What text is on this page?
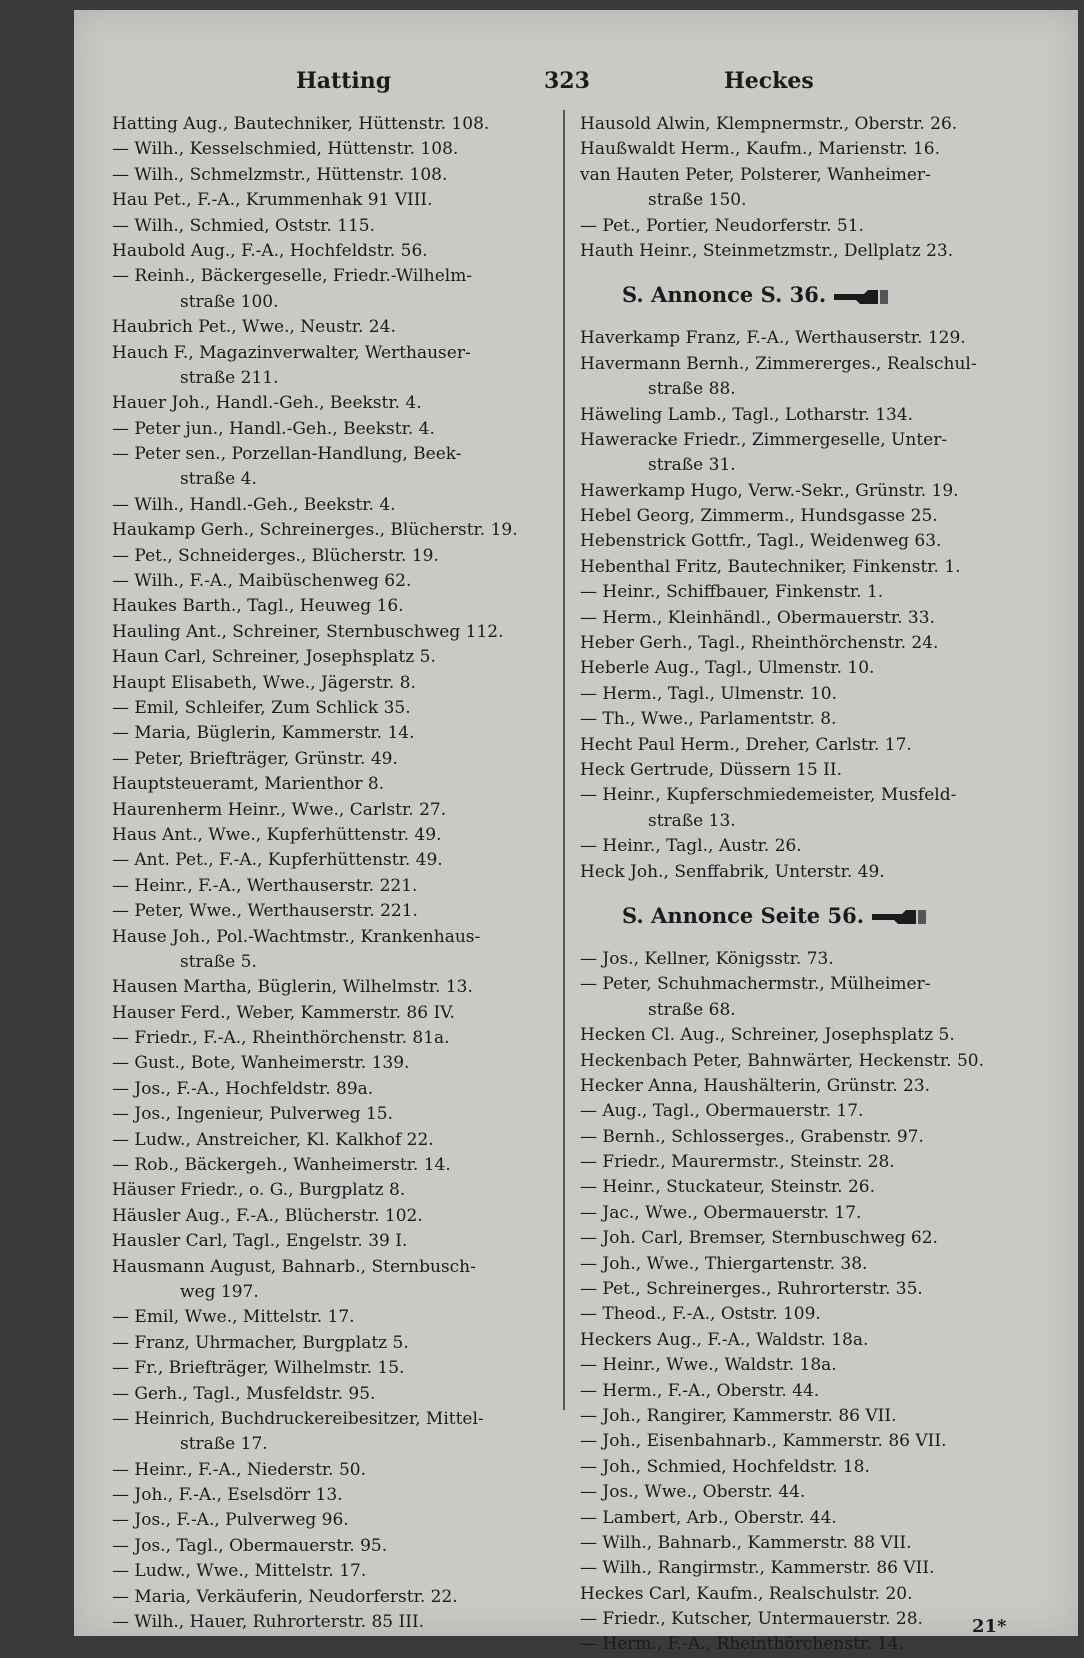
Hatting	323	Heckes
Hatting Aug., Bautechniker, Hüttenstr. 108.
— Wilh., Kesselschmied, Hüttenstr. 108.
— Wilh., Schmelzmstr., Hüttenstr. 108.
Hau Pet., F.-A., Krummenhak 91 VIII.
— Wilh., Schmied, Oststr. 115.
Haubold Aug., F.-A., Hochfeldstr. 56.
— Reinh., Bäckergeselle, Friedr.-Wilhelm-
straße 100.
Haubrich Pet., Wwe., Neustr. 24.
Hauch F., Magazinverwalter, Werthauser-
straße 211.
Hauer Joh., Handl.-Geh., Beekstr. 4.
— Peter jun., Handl.-Geh., Beekstr. 4.
— Peter sen., Porzellan-Handlung, Beek-
straße 4.
— Wilh., Handl.-Geh., Beekstr. 4.
Haukamp Gerh., Schreinerges., Blücherstr. 19.
— Pet., Schneiderges., Blücherstr. 19.
— Wilh., F.-A., Maibüschenweg 62.
Haukes Barth., Tagl., Heuweg 16.
Hauling Ant., Schreiner, Sternbuschweg 112.
Haun Carl, Schreiner, Josephsplatz 5.
Haupt Elisabeth, Wwe., Jägerstr. 8.
— Emil, Schleifer, Zum Schlick 35.
— Maria, Büglerin, Kammerstr. 14.
— Peter, Briefträger, Grünstr. 49.
Hauptsteueramt, Marienthor 8.
Haurenherm Heinr., Wwe., Carlstr. 27.
Haus Ant., Wwe., Kupferhüttenstr. 49.
— Ant. Pet., F.-A., Kupferhüttenstr. 49.
— Heinr., F.-A., Werthauserstr. 221.
— Peter, Wwe., Werthauserstr. 221.
Hause Joh., Pol.-Wachtmstr., Krankenhaus-
straße 5.
Hausen Martha, Büglerin, Wilhelmstr. 13.
Hauser Ferd., Weber, Kammerstr. 86 IV.
— Friedr., F.-A., Rheinthörchenstr. 81a.
— Gust., Bote, Wanheimerstr. 139.
— Jos., F.-A., Hochfeldstr. 89a.
— Jos., Ingenieur, Pulverweg 15.
— Ludw., Anstreicher, Kl. Kalkhof 22.
— Rob., Bäckergeh., Wanheimerstr. 14.
Häuser Friedr., o. G., Burgplatz 8.
Häusler Aug., F.-A., Blücherstr. 102.
Hausler Carl, Tagl., Engelstr. 39 I.
Hausmann August, Bahnarb., Sternbusch-
weg 197.
— Emil, Wwe., Mittelstr. 17.
— Franz, Uhrmacher, Burgplatz 5.
— Fr., Briefträger, Wilhelmstr. 15.
— Gerh., Tagl., Musfeldstr. 95.
— Heinrich, Buchdruckereibesitzer, Mittel-
straße 17.
— Heinr., F.-A., Niederstr. 50.
— Joh., F.-A., Eselsdörr 13.
— Jos., F.-A., Pulverweg 96.
— Jos., Tagl., Obermauerstr. 95.
— Ludw., Wwe., Mittelstr. 17.
— Maria, Verkäuferin, Neudorferstr. 22.
— Wilh., Hauer, Ruhrorterstr. 85 III.
Hausold Alwin, Klempnermstr., Oberstr. 26.
Haußwaldt Herm., Kaufm., Marienstr. 16.
van Hauten Peter, Polsterer, Wanheimer-
straße 150.
— Pet., Portier, Neudorferstr. 51.
Hauth Heinr., Steinmetzmstr., Dellplatz 23.
S. Annonce S. 36.
Haverkamp Franz, F.-A., Werthauserstr. 129.
Havermann Bernh., Zimmererges., Realschul-
straße 88.
Häweling Lamb., Tagl., Lotharstr. 134.
Haweracke Friedr., Zimmergeselle, Unter-
straße 31.
Hawerkamp Hugo, Verw.-Sekr., Grünstr. 19.
Hebel Georg, Zimmerm., Hundsgasse 25.
Hebenstrick Gottfr., Tagl., Weidenweg 63.
Hebenthal Fritz, Bautechniker, Finkenstr. 1.
— Heinr., Schiffbauer, Finkenstr. 1.
— Herm., Kleinhändl., Obermauerstr. 33.
Heber Gerh., Tagl., Rheinthörchenstr. 24.
Heberle Aug., Tagl., Ulmenstr. 10.
— Herm., Tagl., Ulmenstr. 10.
— Th., Wwe., Parlamentstr. 8.
Hecht Paul Herm., Dreher, Carlstr. 17.
Heck Gertrude, Düssern 15 II.
— Heinr., Kupferschmiedemeister, Musfeld-
straße 13.
— Heinr., Tagl., Austr. 26.
Heck Joh., Senffabrik, Unterstr. 49.
S. Annonce Seite 56.
— Jos., Kellner, Königsstr. 73.
— Peter, Schuhmachermstr., Mülheimer-
straße 68.
Hecken Cl. Aug., Schreiner, Josephsplatz 5.
Heckenbach Peter, Bahnwärter, Heckenstr. 50.
Hecker Anna, Haushälterin, Grünstr. 23.
— Aug., Tagl., Obermauerstr. 17.
— Bernh., Schlosserges., Grabenstr. 97.
— Friedr., Maurermstr., Steinstr. 28.
— Heinr., Stuckateur, Steinstr. 26.
— Jac., Wwe., Obermauerstr. 17.
— Joh. Carl, Bremser, Sternbuschweg 62.
— Joh., Wwe., Thiergartenstr. 38.
— Pet., Schreinerges., Ruhrorterstr. 35.
— Theod., F.-A., Oststr. 109.
Heckers Aug., F.-A., Waldstr. 18a.
— Heinr., Wwe., Waldstr. 18a.
— Herm., F.-A., Oberstr. 44.
— Joh., Rangirer, Kammerstr. 86 VII.
— Joh., Eisenbahnarb., Kammerstr. 86 VII.
— Joh., Schmied, Hochfeldstr. 18.
— Jos., Wwe., Oberstr. 44.
— Lambert, Arb., Oberstr. 44.
— Wilh., Bahnarb., Kammerstr. 88 VII.
— Wilh., Rangirmstr., Kammerstr. 86 VII.
Heckes Carl, Kaufm., Realschulstr. 20.
— Friedr., Kutscher, Untermauerstr. 28.
— Herm., F.-A., Rheinthörchenstr. 14.
21*
